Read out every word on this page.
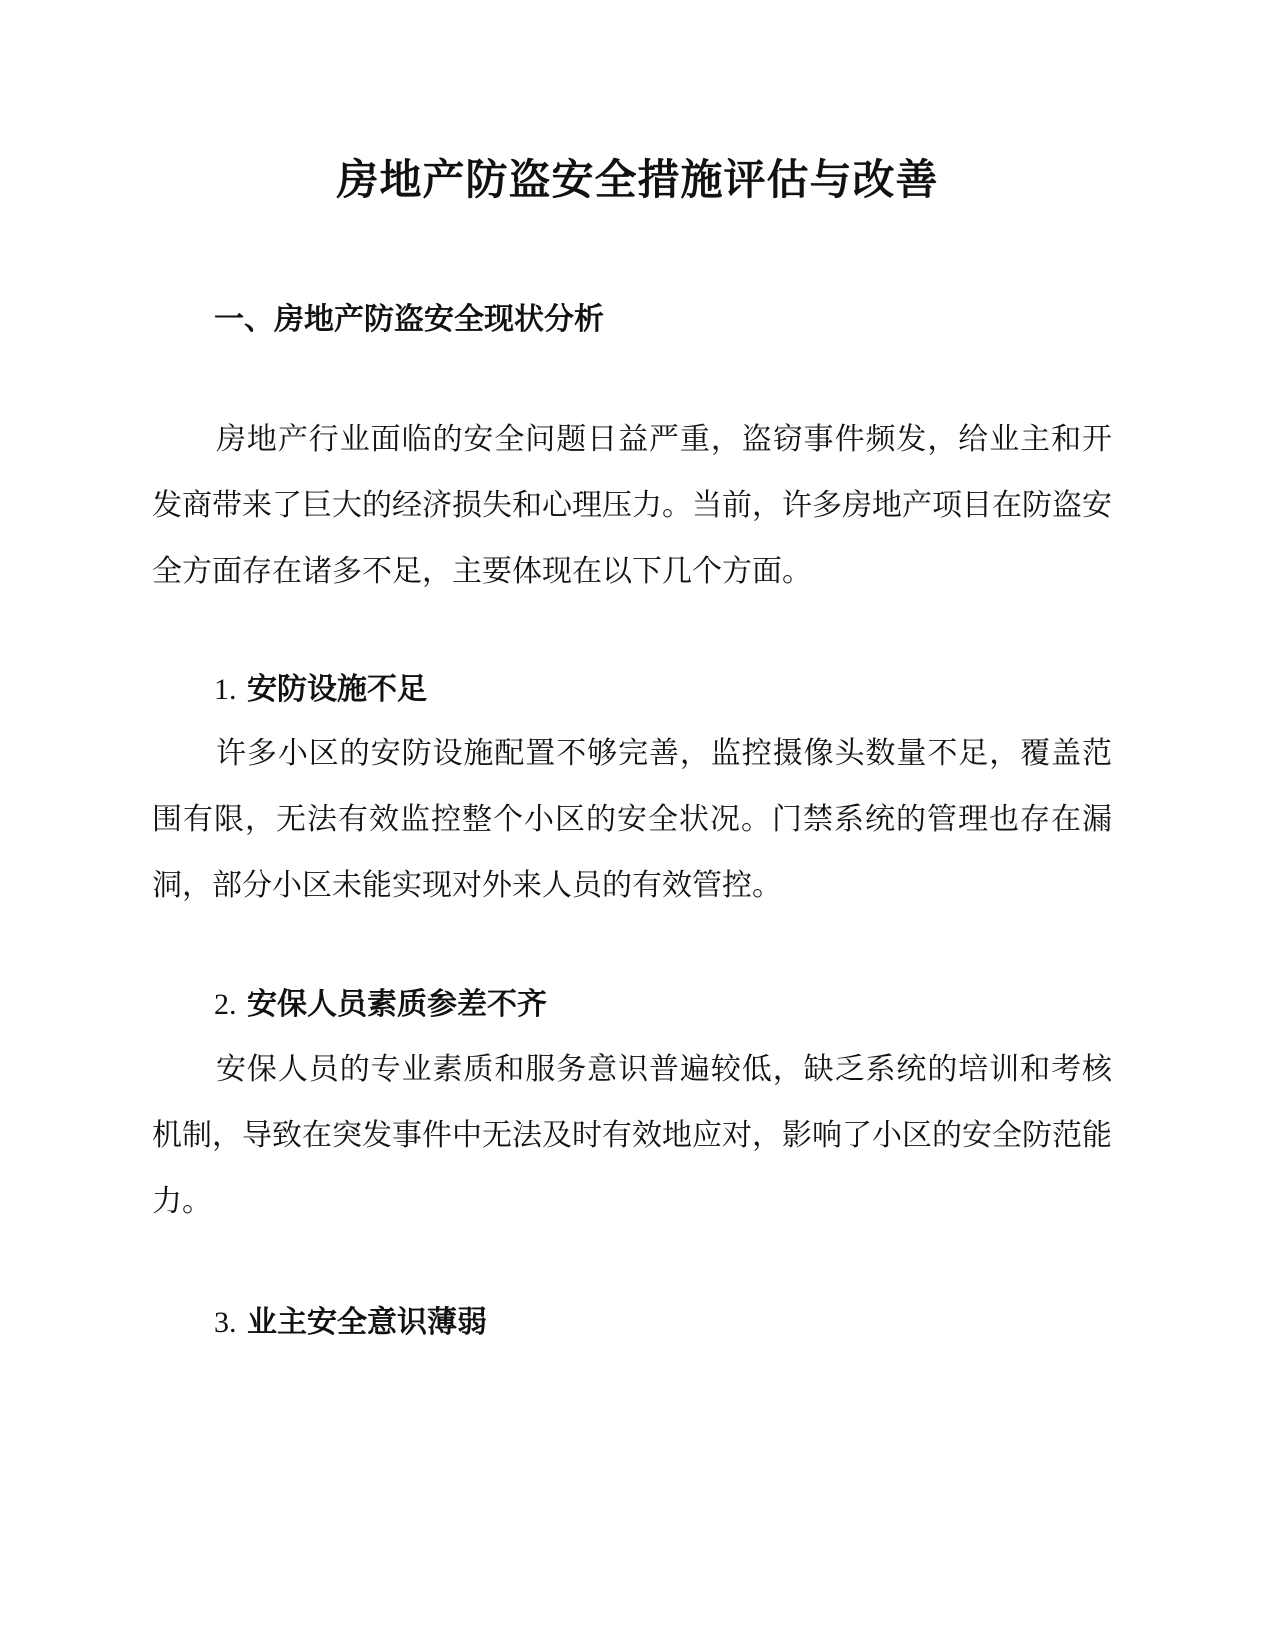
房地产防盗安全措施评估与改善
一、房地产防盗安全现状分析

房地产行业面临的安全问题日益严重，盗窃事件频发，给业主和开发商带来了巨大的经济损失和心理压力。当前，许多房地产项目在防盗安全方面存在诸多不足，主要体现在以下几个方面。

1. 安防设施不足

许多小区的安防设施配置不够完善，监控摄像头数量不足，覆盖范围有限，无法有效监控整个小区的安全状况。门禁系统的管理也存在漏洞，部分小区未能实现对外来人员的有效管控。

2. 安保人员素质参差不齐

安保人员的专业素质和服务意识普遍较低，缺乏系统的培训和考核机制，导致在突发事件中无法及时有效地应对，影响了小区的安全防范能力。

3. 业主安全意识薄弱
